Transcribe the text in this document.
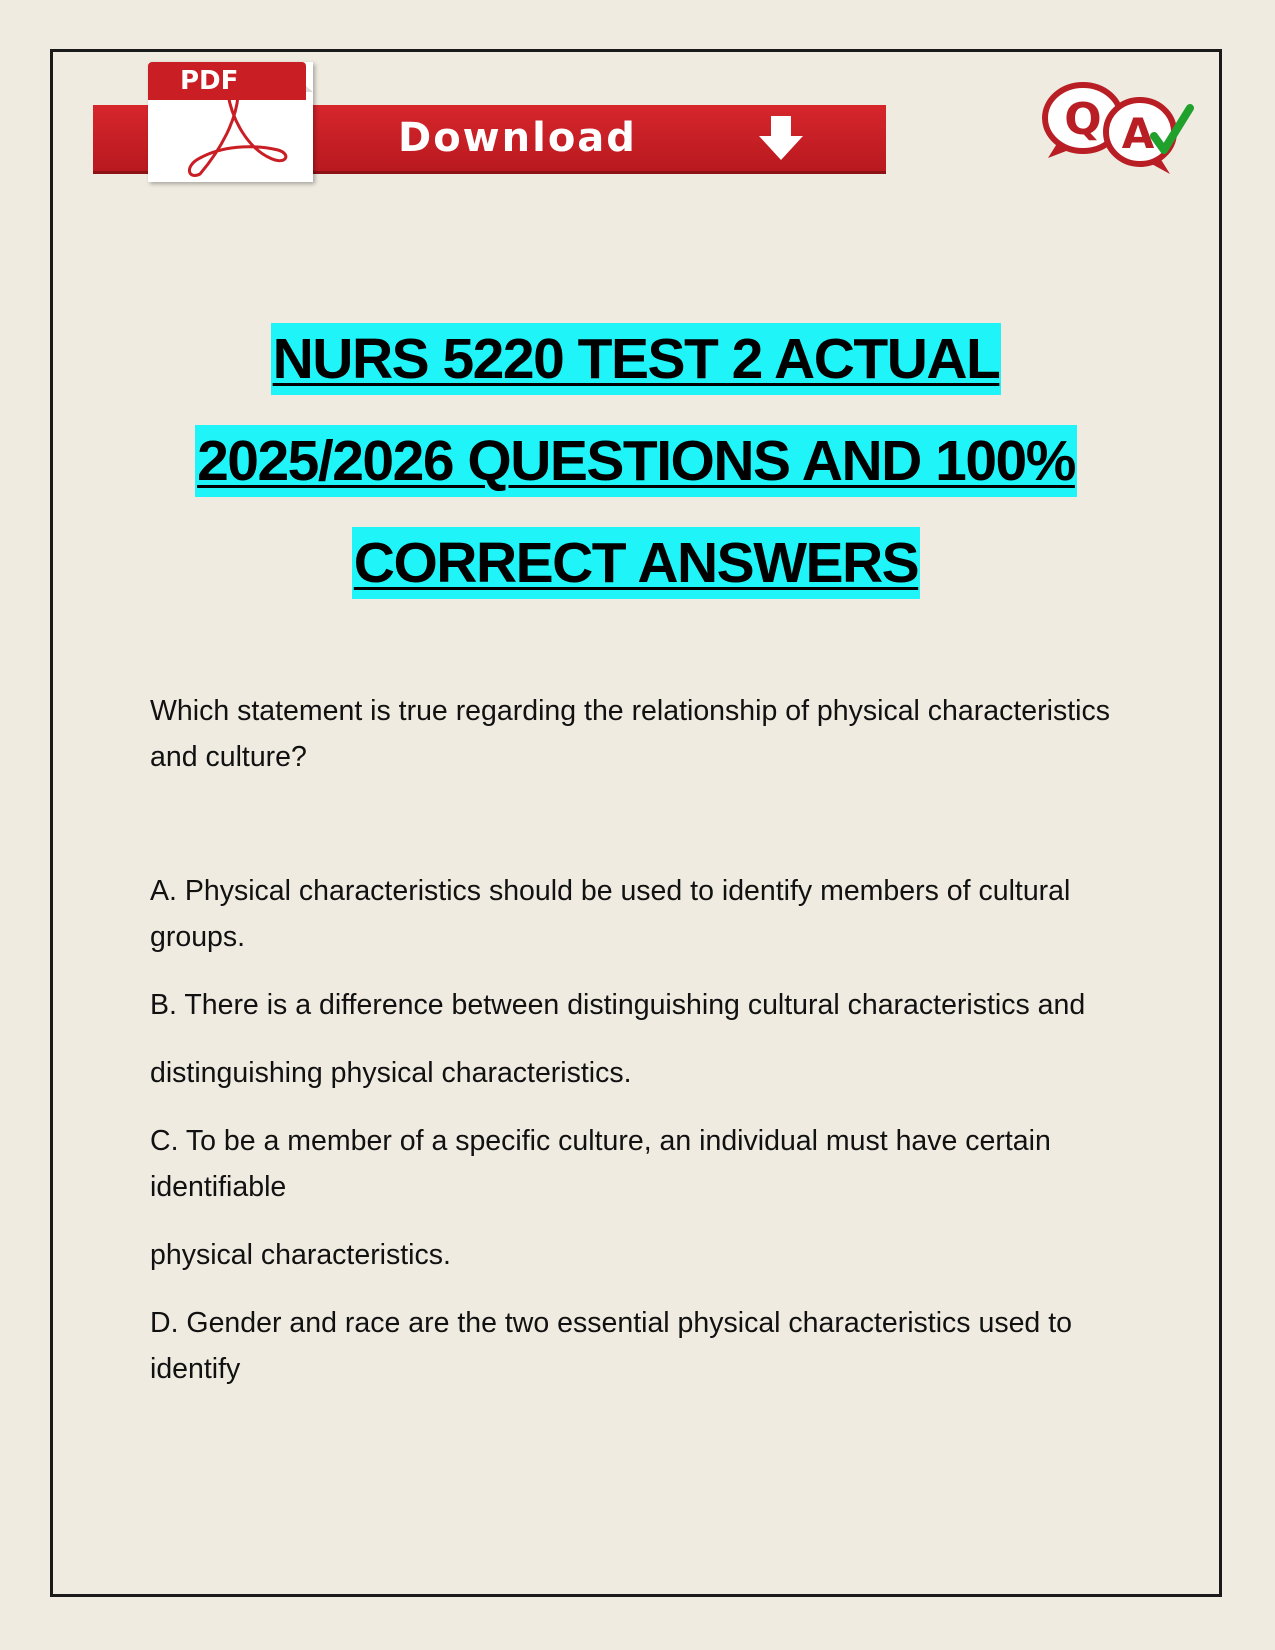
Download
PDF
Q A
NURS 5220 TEST 2 ACTUAL
2025/2026 QUESTIONS AND 100%
CORRECT ANSWERS

Which statement is true regarding the relationship of physical characteristics and culture?

A. Physical characteristics should be used to identify members of cultural groups.

B. There is a difference between distinguishing cultural characteristics and

distinguishing physical characteristics.

C. To be a member of a specific culture, an individual must have certain identifiable

physical characteristics.

D. Gender and race are the two essential physical characteristics used to identify
